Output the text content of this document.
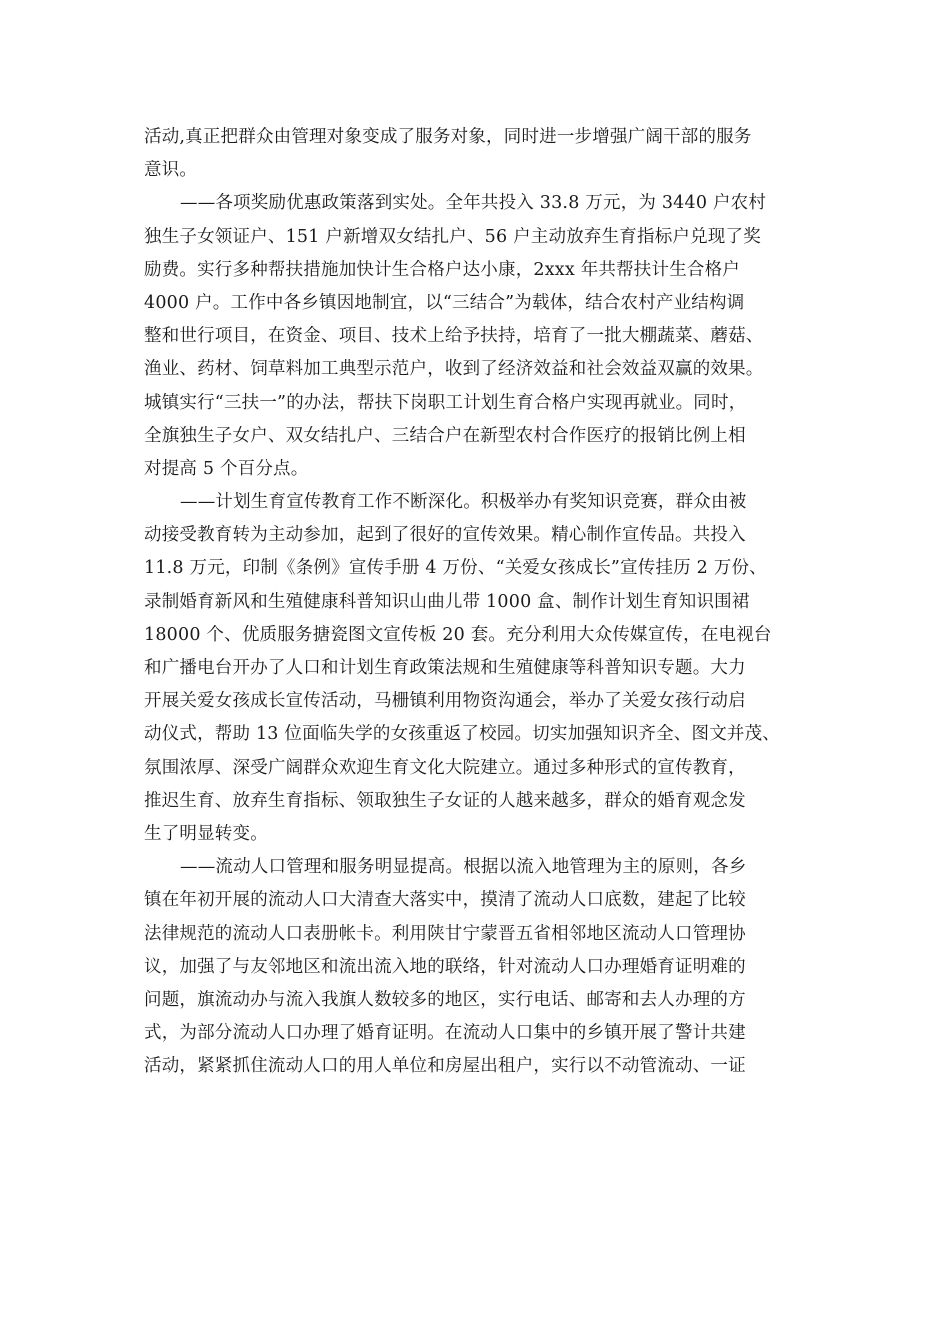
活动,真正把群众由管理对象变成了服务对象，同时进一步增强广阔干部的服务
意识。
——各项奖励优惠政策落到实处。全年共投入 33.8 万元，为 3440 户农村
独生子女领证户、151 户新增双女结扎户、56 户主动放弃生育指标户兑现了奖
励费。实行多种帮扶措施加快计生合格户达小康，2xxx 年共帮扶计生合格户
4000 户。工作中各乡镇因地制宜，以“三结合”为载体，结合农村产业结构调
整和世行项目，在资金、项目、技术上给予扶持，培育了一批大棚蔬菜、蘑菇、
渔业、药材、饲草料加工典型示范户，收到了经济效益和社会效益双赢的效果。
城镇实行“三扶一”的办法，帮扶下岗职工计划生育合格户实现再就业。同时，
全旗独生子女户、双女结扎户、三结合户在新型农村合作医疗的报销比例上相
对提高 5 个百分点。
——计划生育宣传教育工作不断深化。积极举办有奖知识竞赛，群众由被
动接受教育转为主动参加，起到了很好的宣传效果。精心制作宣传品。共投入
11.8 万元，印制《条例》宣传手册 4 万份、“关爱女孩成长”宣传挂历 2 万份、
录制婚育新风和生殖健康科普知识山曲儿带 1000 盒、制作计划生育知识围裙
18000 个、优质服务搪瓷图文宣传板 20 套。充分利用大众传媒宣传，在电视台
和广播电台开办了人口和计划生育政策法规和生殖健康等科普知识专题。大力
开展关爱女孩成长宣传活动，马栅镇利用物资沟通会，举办了关爱女孩行动启
动仪式，帮助 13 位面临失学的女孩重返了校园。切实加强知识齐全、图文并茂、
氛围浓厚、深受广阔群众欢迎生育文化大院建立。通过多种形式的宣传教育，
推迟生育、放弃生育指标、领取独生子女证的人越来越多，群众的婚育观念发
生了明显转变。
——流动人口管理和服务明显提高。根据以流入地管理为主的原则，各乡
镇在年初开展的流动人口大清查大落实中，摸清了流动人口底数，建起了比较
法律规范的流动人口表册帐卡。利用陕甘宁蒙晋五省相邻地区流动人口管理协
议，加强了与友邻地区和流出流入地的联络，针对流动人口办理婚育证明难的
问题，旗流动办与流入我旗人数较多的地区，实行电话、邮寄和去人办理的方
式，为部分流动人口办理了婚育证明。在流动人口集中的乡镇开展了警计共建
活动，紧紧抓住流动人口的用人单位和房屋出租户，实行以不动管流动、一证
